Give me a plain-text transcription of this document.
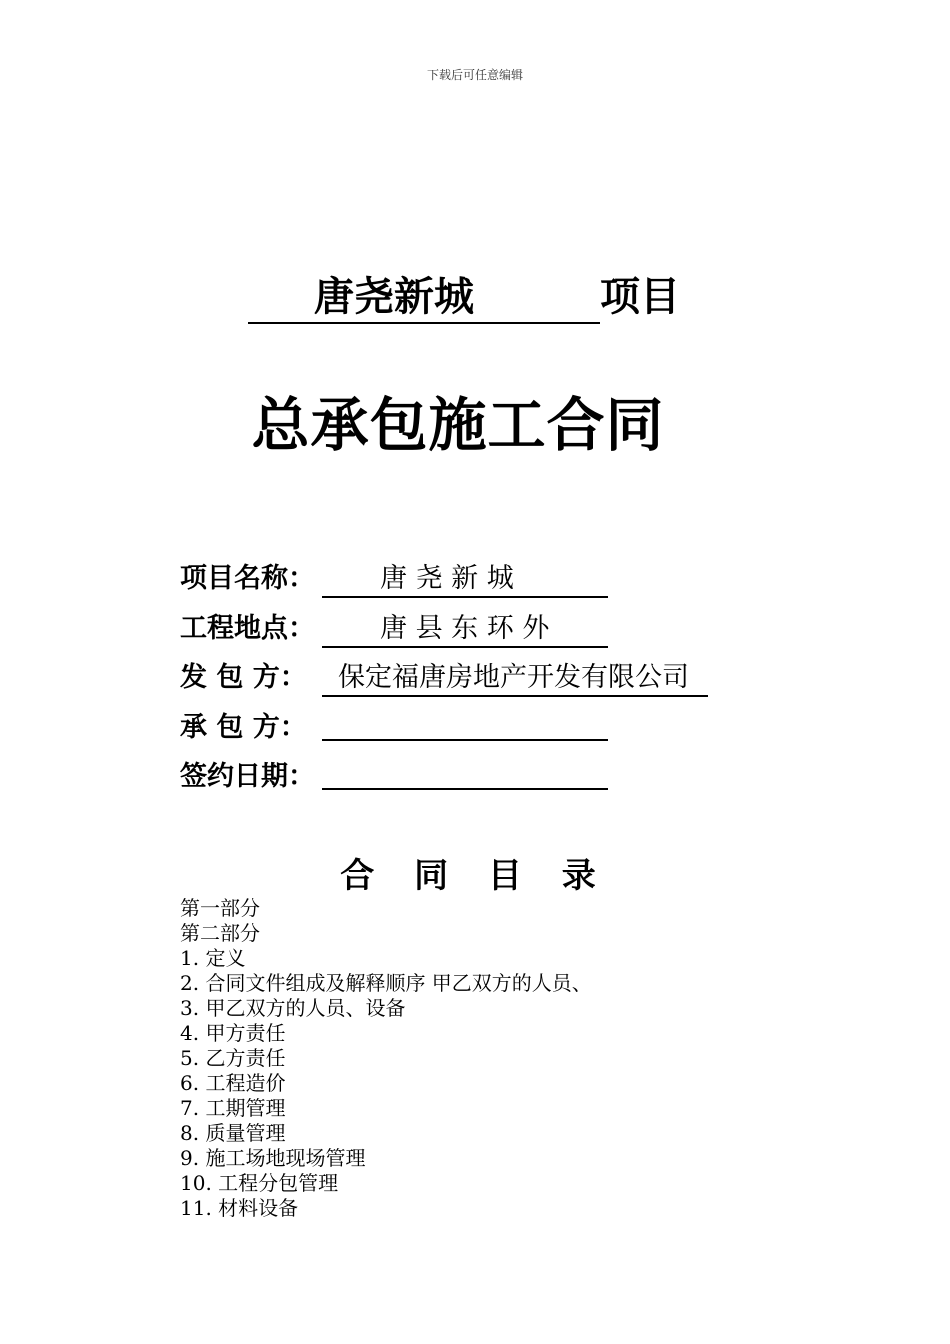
下载后可任意编辑
唐尧新城	项目
总承包施工合同
项目名称： 唐 尧 新 城
工程地点： 唐 县 东 环 外
发 包 方： 保定福唐房地产开发有限公司
承 包 方：
签约日期：
合 同 目 录
第一部分
第二部分
1. 定义
2. 合同文件组成及解释顺序 甲乙双方的人员、
3. 甲乙双方的人员、设备
4. 甲方责任
5. 乙方责任
6. 工程造价
7. 工期管理
8. 质量管理
9. 施工场地现场管理
10. 工程分包管理
11. 材料设备
